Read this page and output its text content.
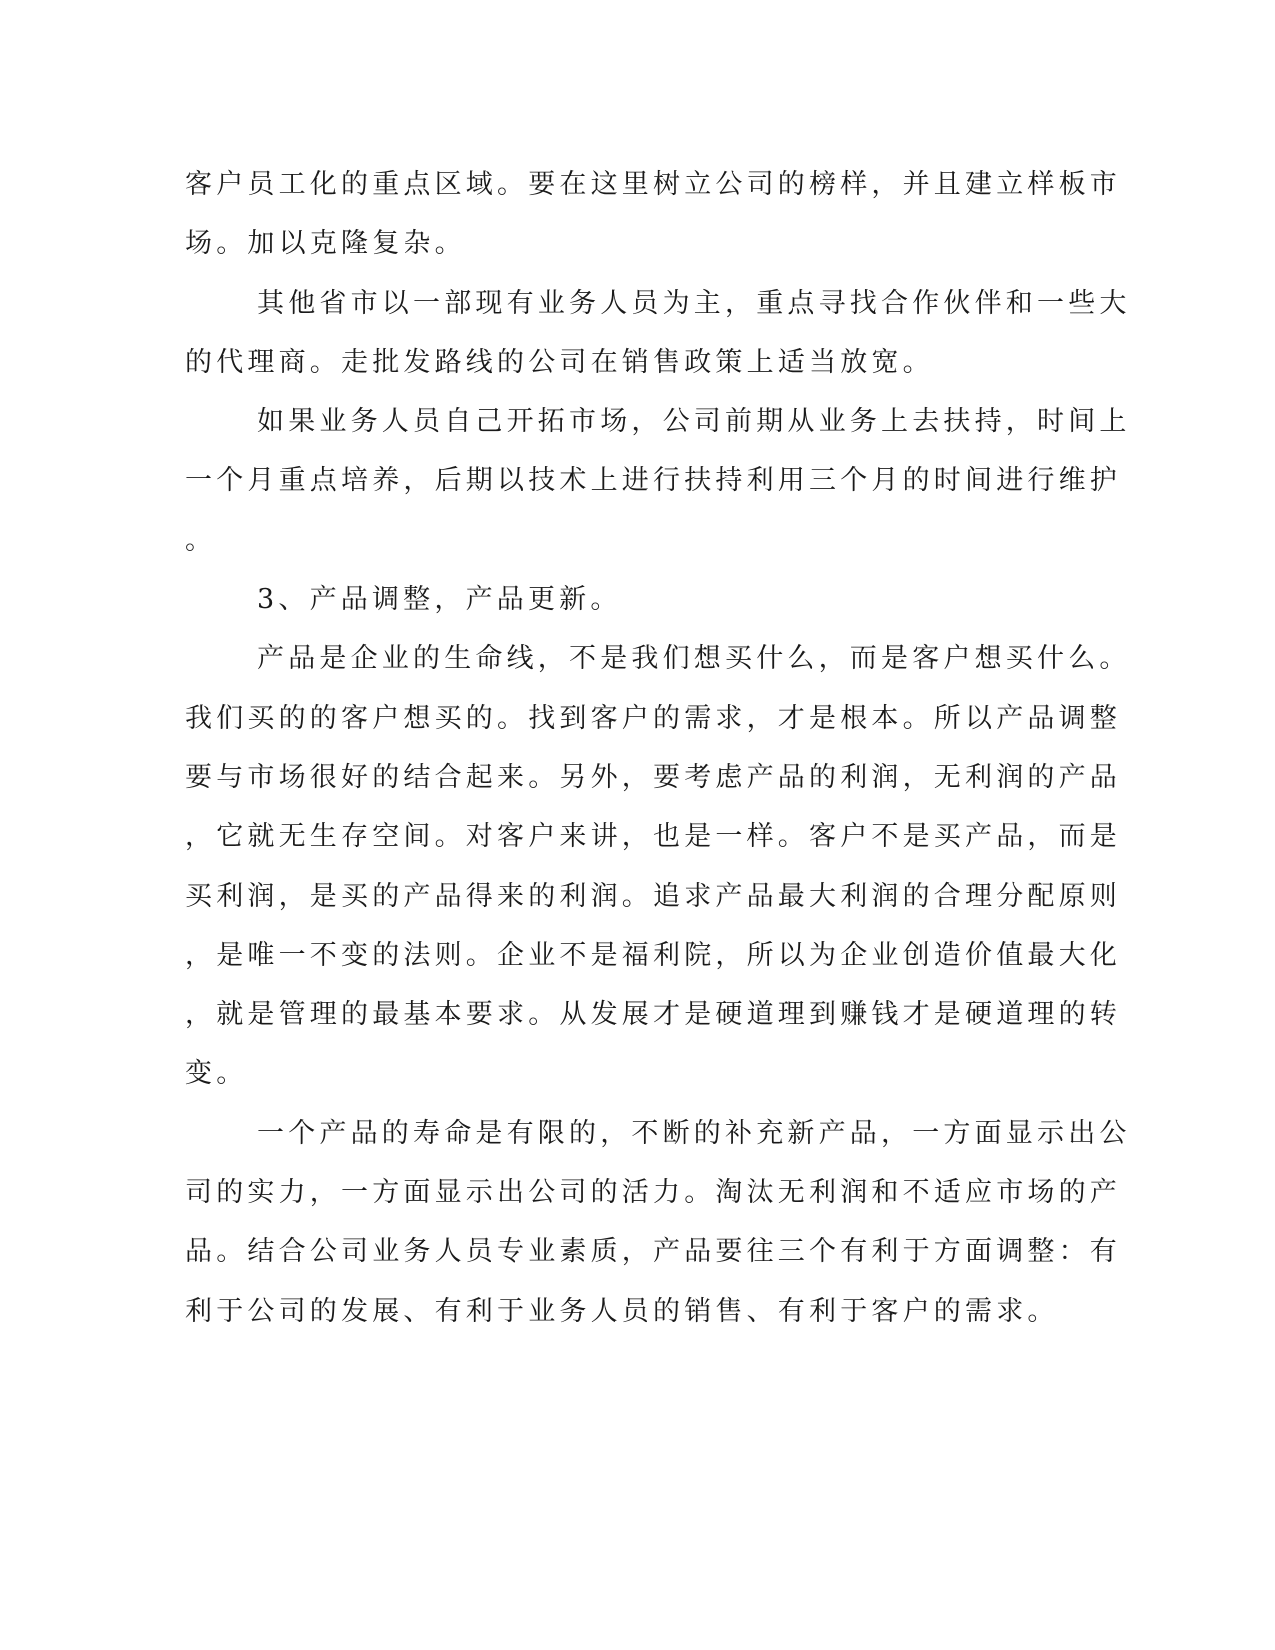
客户员工化的重点区域。要在这里树立公司的榜样，并且建立样板市
场。加以克隆复杂。
其他省市以一部现有业务人员为主，重点寻找合作伙伴和一些大
的代理商。走批发路线的公司在销售政策上适当放宽。
如果业务人员自己开拓市场，公司前期从业务上去扶持，时间上
一个月重点培养，后期以技术上进行扶持利用三个月的时间进行维护
。
3、产品调整，产品更新。
产品是企业的生命线，不是我们想买什么，而是客户想买什么。
我们买的的客户想买的。找到客户的需求，才是根本。所以产品调整
要与市场很好的结合起来。另外，要考虑产品的利润，无利润的产品
，它就无生存空间。对客户来讲，也是一样。客户不是买产品，而是
买利润，是买的产品得来的利润。追求产品最大利润的合理分配原则
，是唯一不变的法则。企业不是福利院，所以为企业创造价值最大化
，就是管理的最基本要求。从发展才是硬道理到赚钱才是硬道理的转
变。
一个产品的寿命是有限的，不断的补充新产品，一方面显示出公
司的实力，一方面显示出公司的活力。淘汰无利润和不适应市场的产
品。结合公司业务人员专业素质，产品要往三个有利于方面调整：有
利于公司的发展、有利于业务人员的销售、有利于客户的需求。
